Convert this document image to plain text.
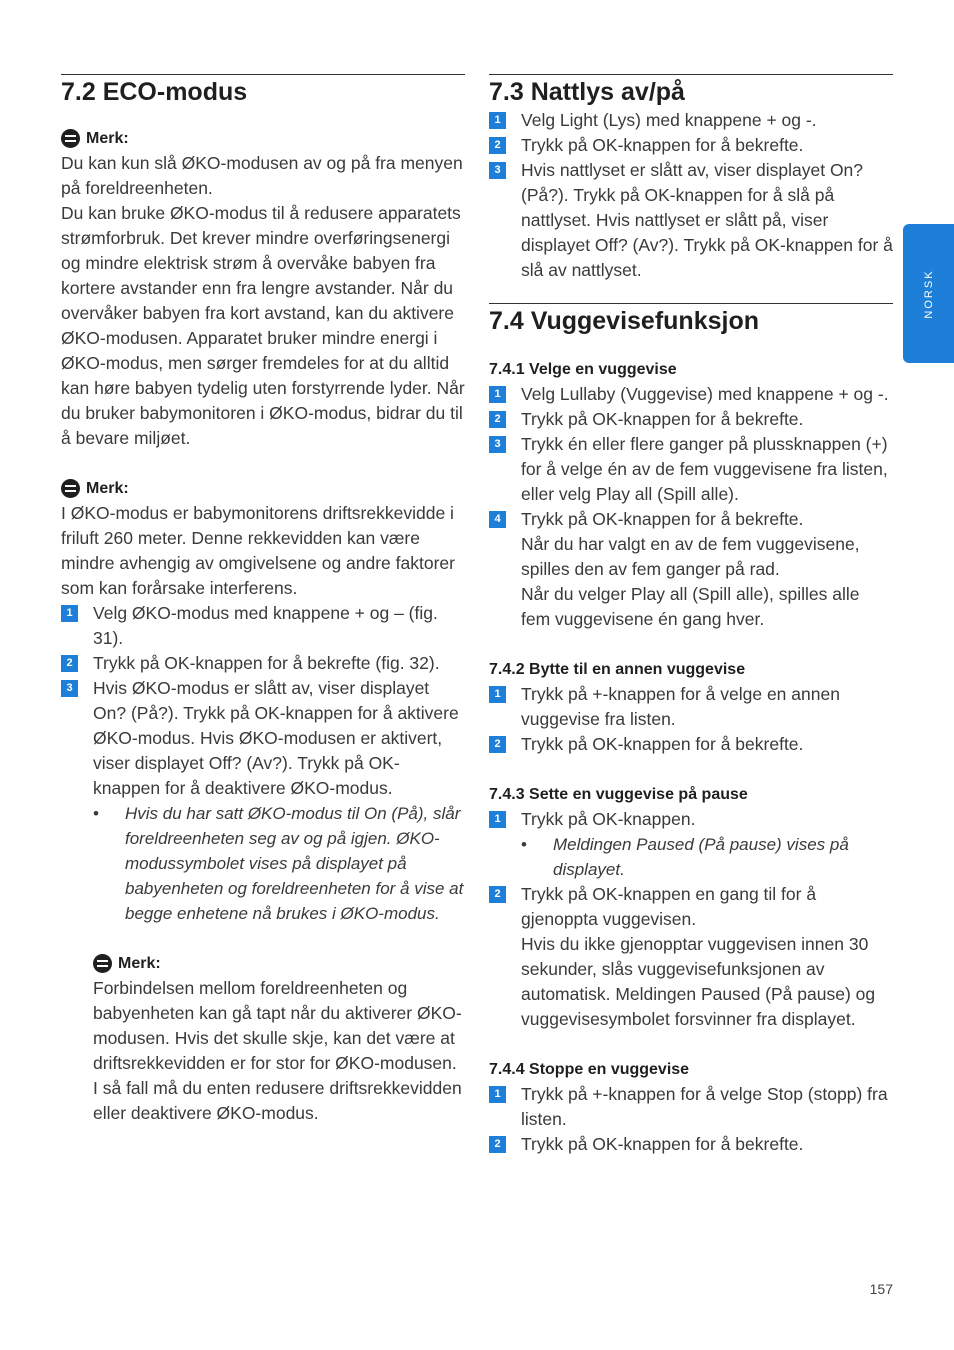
7.2 ECO-modus
Merk:

Du kan kun slå ØKO-modusen av og på fra menyen på foreldreenheten.

Du kan bruke ØKO-modus til å redusere apparatets strømforbruk. Det krever mindre overføringsenergi og mindre elektrisk strøm å overvåke babyen fra kortere avstander enn fra lengre avstander. Når du overvåker babyen fra kort avstand, kan du aktivere ØKO-modusen. Apparatet bruker mindre energi i ØKO-modus, men sørger fremdeles for at du alltid kan høre babyen tydelig uten forstyrrende lyder. Når du bruker babymonitoren i ØKO-modus, bidrar du til å bevare miljøet.

Merk:

I ØKO-modus er babymonitorens driftsrekkevidde i friluft 260 meter. Denne rekkevidden kan være mindre avhengig av omgivelsene og andre faktorer som kan forårsake interferens.

1	Velg ØKO-modus med knappene + og – (fig. 31).
2	Trykk på OK-knappen for å bekrefte (fig. 32).
3	Hvis ØKO-modus er slått av, viser displayet On? (På?). Trykk på OK-knappen for å aktivere ØKO-modus. Hvis ØKO-modusen er aktivert, viser displayet Off? (Av?). Trykk på OK-knappen for å deaktivere ØKO-modus.
•	Hvis du har satt ØKO-modus til On (På), slår foreldreenheten seg av og på igjen. ØKO-modussymbolet vises på displayet på babyenheten og foreldreenheten for å vise at begge enhetene nå brukes i ØKO-modus.
Merk:

Forbindelsen mellom foreldreenheten og babyenheten kan gå tapt når du aktiverer ØKO-modusen. Hvis det skulle skje, kan det være at driftsrekkevidden er for stor for ØKO-modusen. I så fall må du enten redusere driftsrekkevidden eller deaktivere ØKO-modus.

7.3 Nattlys av/på
1	Velg Light (Lys) med knappene + og -.
2	Trykk på OK-knappen for å bekrefte.
3	Hvis nattlyset er slått av, viser displayet On? (På?). Trykk på OK-knappen for å slå på nattlyset. Hvis nattlyset er slått på, viser displayet Off? (Av?). Trykk på OK-knappen for å slå av nattlyset.
7.4 Vuggevisefunksjon
7.4.1 Velge en vuggevise
1	Velg Lullaby (Vuggevise) med knappene + og -.
2	Trykk på OK-knappen for å bekrefte.
3	Trykk én eller flere ganger på plussknappen (+) for å velge én av de fem vuggevisene fra listen, eller velg Play all (Spill alle).
4	Trykk på OK-knappen for å bekrefte.
Når du har valgt en av de fem vuggevisene, spilles den av fem ganger på rad.
Når du velger Play all (Spill alle), spilles alle fem vuggevisene én gang hver.
7.4.2 Bytte til en annen vuggevise
1	Trykk på +-knappen for å velge en annen vuggevise fra listen.
2	Trykk på OK-knappen for å bekrefte.
7.4.3 Sette en vuggevise på pause
1	Trykk på OK-knappen.
•	Meldingen Paused (På pause) vises på displayet.
2	Trykk på OK-knappen en gang til for å gjenoppta vuggevisen.
Hvis du ikke gjenopptar vuggevisen innen 30 sekunder, slås vuggevisefunksjonen av automatisk. Meldingen Paused (På pause) og vuggevisesymbolet forsvinner fra displayet.
7.4.4 Stoppe en vuggevise
1	Trykk på +-knappen for å velge Stop (stopp) fra listen.
2	Trykk på OK-knappen for å bekrefte.
NORSK
157
